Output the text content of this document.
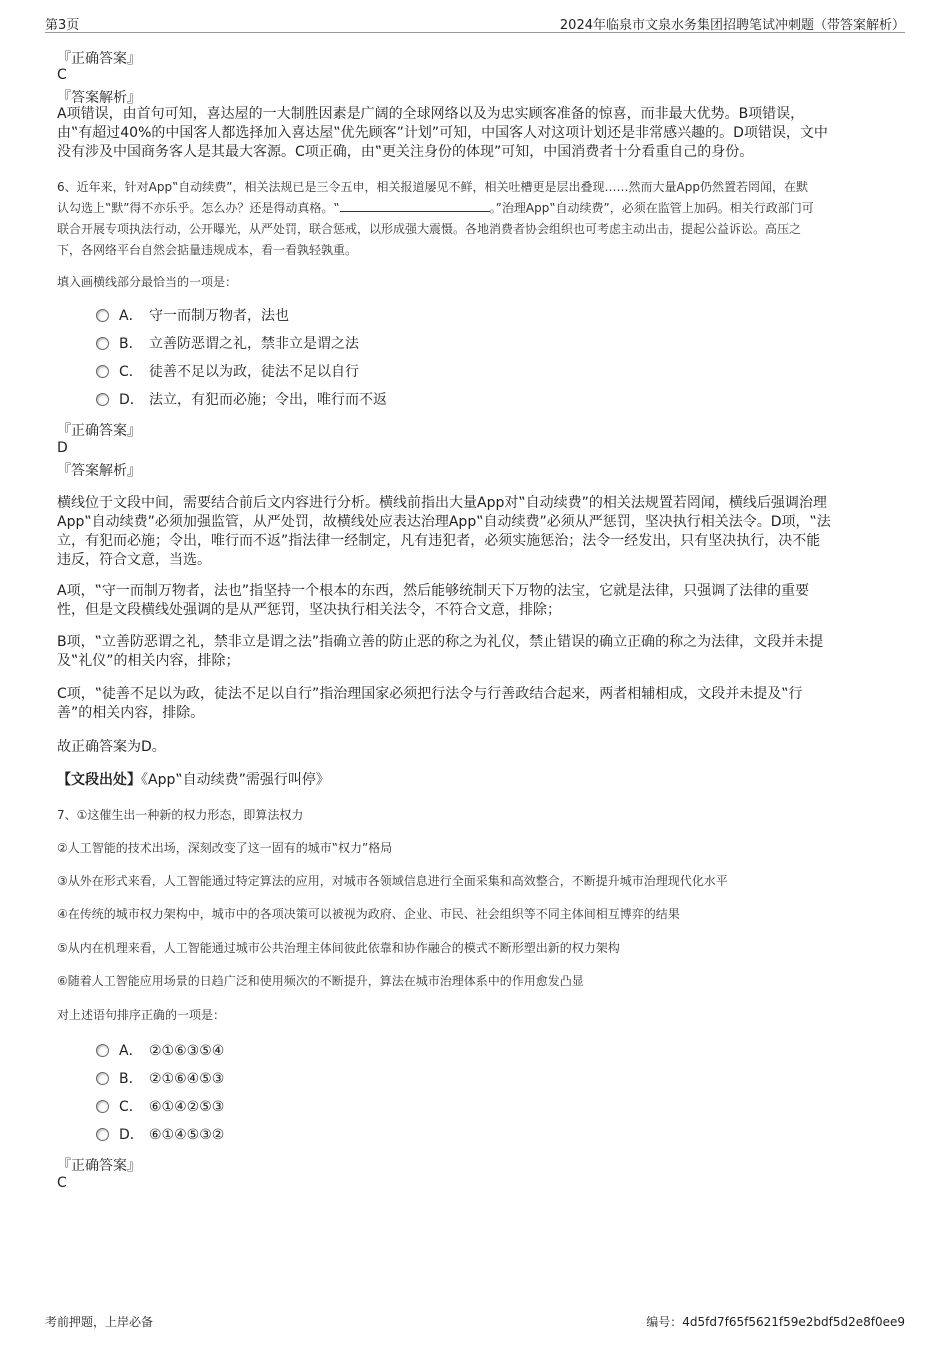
第3页	2024年临泉市文泉水务集团招聘笔试冲刺题（带答案解析）
『正确答案』
C
『答案解析』
A项错误，由首句可知，喜达屋的一大制胜因素是广阔的全球网络以及为忠实顾客准备的惊喜，而非最大优势。B项错误，
由‟有超过40%的中国客人都选择加入喜达屋‟优先顾客”计划”可知，中国客人对这项计划还是非常感兴趣的。D项错误，文中
没有涉及中国商务客人是其最大客源。C项正确，由‟更关注身份的体现”可知，中国消费者十分看重自己的身份。
6、近年来，针对App‟自动续费”，相关法规已是三令五申，相关报道屡见不鲜，相关吐槽更是层出叠现……然而大量App仍然置若罔闻，在默
认勾选上‟默”得不亦乐乎。怎么办？还是得动真格。‟	。”治理App‟自动续费”，必须在监管上加码。相关行政部门可
联合开展专项执法行动，公开曝光，从严处罚，联合惩戒，以形成强大震慑。各地消费者协会组织也可考虑主动出击，提起公益诉讼。高压之
下，各网络平台自然会掂量违规成本，看一看孰轻孰重。
填入画横线部分最恰当的一项是：
A． 守一而制万物者，法也
B． 立善防恶谓之礼，禁非立是谓之法
C． 徒善不足以为政，徒法不足以自行
D． 法立，有犯而必施；令出，唯行而不返
『正确答案』
D
『答案解析』
横线位于文段中间，需要结合前后文内容进行分析。横线前指出大量App对‟自动续费”的相关法规置若罔闻，横线后强调治理
App‟自动续费”必须加强监管，从严处罚，故横线处应表达治理App‟自动续费”必须从严惩罚，坚决执行相关法令。D项，‟法
立，有犯而必施；令出，唯行而不返”指法律一经制定，凡有违犯者，必须实施惩治；法令一经发出，只有坚决执行，决不能
违反，符合文意，当选。
A项，‟守一而制万物者，法也”指坚持一个根本的东西，然后能够统制天下万物的法宝，它就是法律，只强调了法律的重要
性，但是文段横线处强调的是从严惩罚，坚决执行相关法令，不符合文意，排除；
B项，‟立善防恶谓之礼，禁非立是谓之法”指确立善的防止恶的称之为礼仪，禁止错误的确立正确的称之为法律，文段并未提
及‟礼仪”的相关内容，排除；
C项，‟徒善不足以为政，徒法不足以自行”指治理国家必须把行法令与行善政结合起来，两者相辅相成，文段并未提及‟行
善”的相关内容，排除。
故正确答案为D。
【文段出处】《App‟自动续费”需强行叫停》
7、①这催生出一种新的权力形态，即算法权力
②人工智能的技术出场，深刻改变了这一固有的城市‟权力”格局
③从外在形式来看，人工智能通过特定算法的应用，对城市各领域信息进行全面采集和高效整合，不断提升城市治理现代化水平
④在传统的城市权力架构中，城市中的各项决策可以被视为政府、企业、市民、社会组织等不同主体间相互博弈的结果
⑤从内在机理来看，人工智能通过城市公共治理主体间彼此依靠和协作融合的模式不断形塑出新的权力架构
⑥随着人工智能应用场景的日趋广泛和使用频次的不断提升，算法在城市治理体系中的作用愈发凸显
对上述语句排序正确的一项是：
A． ②①⑥③⑤④
B． ②①⑥④⑤③
C． ⑥①④②⑤③
D． ⑥①④⑤③②
『正确答案』
C
考前押题，上岸必备	编号：4d5fd7f65f5621f59e2bdf5d2e8f0ee9
